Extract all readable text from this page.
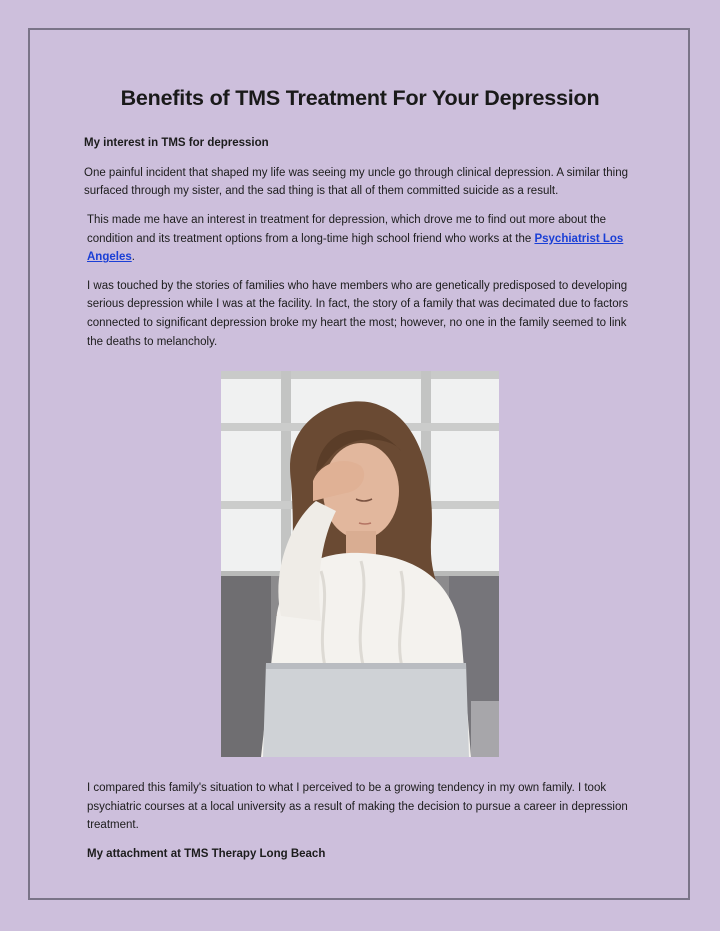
Benefits of TMS Treatment For Your Depression
My interest in TMS for depression

One painful incident that shaped my life was seeing my uncle go through clinical depression. A similar thing surfaced through my sister, and the sad thing is that all of them committed suicide as a result.

This made me have an interest in treatment for depression, which drove me to find out more about the condition and its treatment options from a long-time high school friend who works at the Psychiatrist Los Angeles.

I was touched by the stories of families who have members who are genetically predisposed to developing serious depression while I was at the facility. In fact, the story of a family that was decimated due to factors connected to significant depression broke my heart the most; however, no one in the family seemed to link the deaths to melancholy.

I compared this family's situation to what I perceived to be a growing tendency in my own family. I took psychiatric courses at a local university as a result of making the decision to pursue a career in depression treatment.

My attachment at TMS Therapy Long Beach
